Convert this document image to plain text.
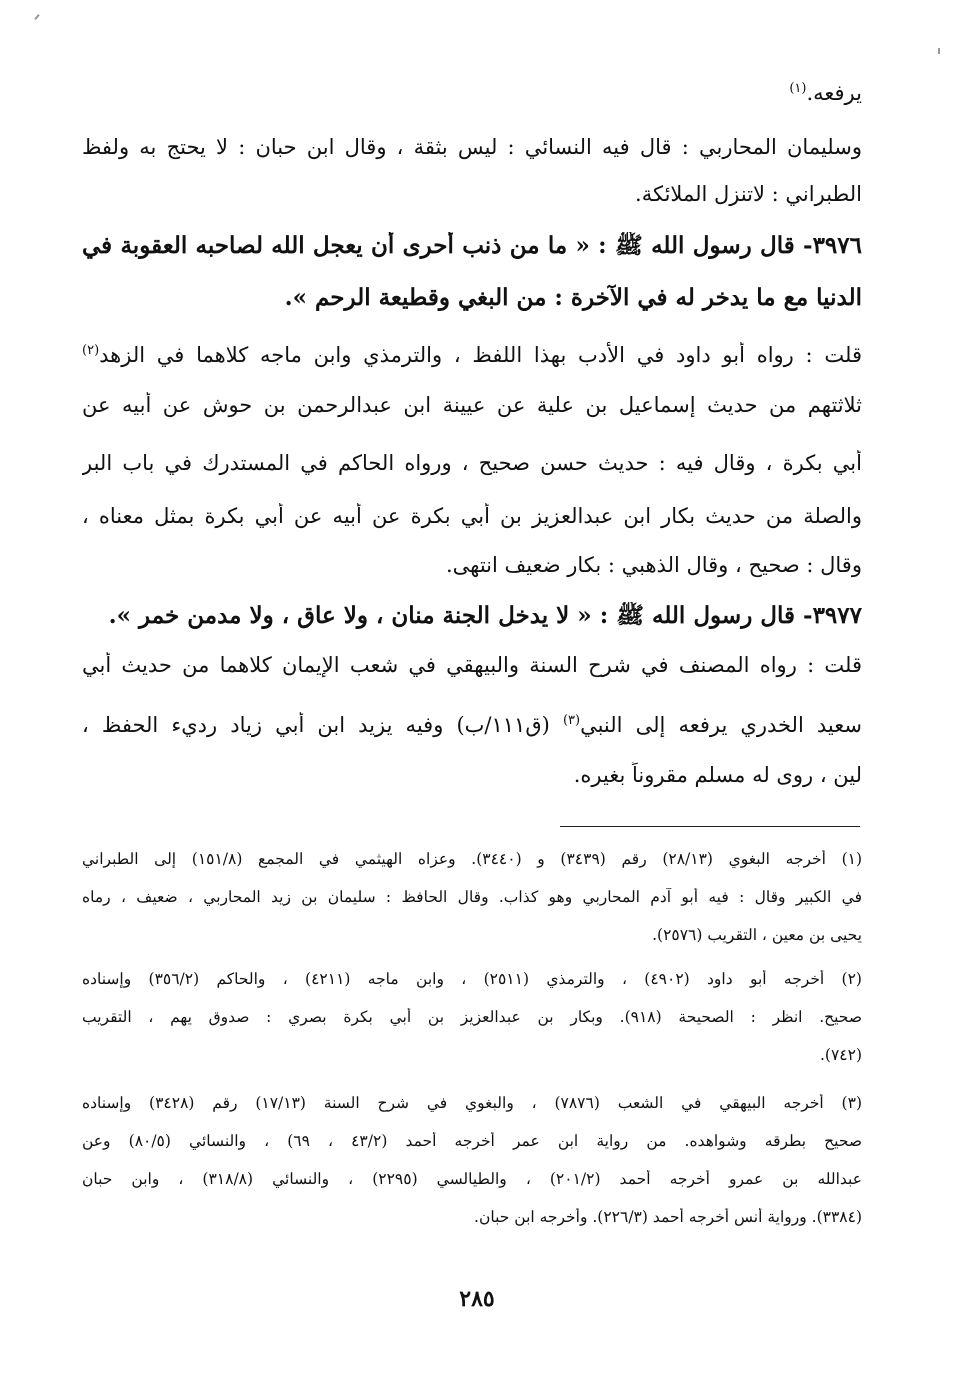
يرفعه.$^{(١)}$
وسليمان المحاربي : قال فيه النسائي : ليس بثقة ، وقال ابن حبان : لا يحتج به ولفظ
الطبراني : لاتنزل الملائكة.
٣٩٧٦- قال رسول الله ﷺ : « ما من ذنب أحرى أن يعجل الله لصاحبه العقوبة في
الدنيا مع ما يدخر له في الآخرة : من البغي وقطيعة الرحم ».
قلت : رواه أبو داود في الأدب بهذا اللفظ ، والترمذي وابن ماجه كلاهما في الزهد$^{(٢)}$
ثلاثتهم من حديث إسماعيل بن علية عن عيينة ابن عبدالرحمن بن حوش عن أبيه عن
أبي بكرة ، وقال فيه : حديث حسن صحيح ، ورواه الحاكم في المستدرك في باب البر
والصلة من حديث بكار ابن عبدالعزيز بن أبي بكرة عن أبيه عن أبي بكرة بمثل معناه ،
وقال : صحيح ، وقال الذهبي : بكار ضعيف انتهى.
٣٩٧٧- قال رسول الله ﷺ : « لا يدخل الجنة منان ، ولا عاق ، ولا مدمن خمر ».
قلت : رواه المصنف في شرح السنة والبيهقي في شعب الإيمان كلاهما من حديث أبي
سعيد الخدري يرفعه إلى النبي$^{(٣)}$ (ق١١١/ب) وفيه يزيد ابن أبي زياد رديء الحفظ ،
لين ، روى له مسلم مقروناً بغيره.
(١) أخرجه البغوي (٢٨/١٣) رقم (٣٤٣٩) و (٣٤٤٠). وعزاه الهيثمي في المجمع (١٥١/٨) إلى الطبراني
في الكبير وقال : فيه أبو آدم المحاربي وهو كذاب. وقال الحافظ : سليمان بن زيد المحاربي ، ضعيف ، رماه
يحيى بن معين ، التقريب (٢٥٧٦).
(٢) أخرجه أبو داود (٤٩٠٢) ، والترمذي (٢٥١١) ، وابن ماجه (٤٢١١) ، والحاكم (٣٥٦/٢) وإسناده
صحيح. انظر : الصحيحة (٩١٨). وبكار بن عبدالعزيز بن أبي بكرة بصري : صدوق يهم ، التقريب
(٧٤٢).
(٣) أخرجه البيهقي في الشعب (٧٨٧٦) ، والبغوي في شرح السنة (١٧/١٣) رقم (٣٤٢٨) وإسناده
صحيح بطرقه وشواهده. من رواية ابن عمر أخرجه أحمد (٤٣/٢ ، ٦٩) ، والنسائي (٨٠/٥) وعن
عبدالله بن عمرو أخرجه أحمد (٢٠١/٢) ، والطيالسي (٢٢٩٥) ، والنسائي (٣١٨/٨) ، وابن حبان
(٣٣٨٤). ورواية أنس أخرجه أحمد (٢٢٦/٣). وأخرجه ابن حبان.
٢٨٥
